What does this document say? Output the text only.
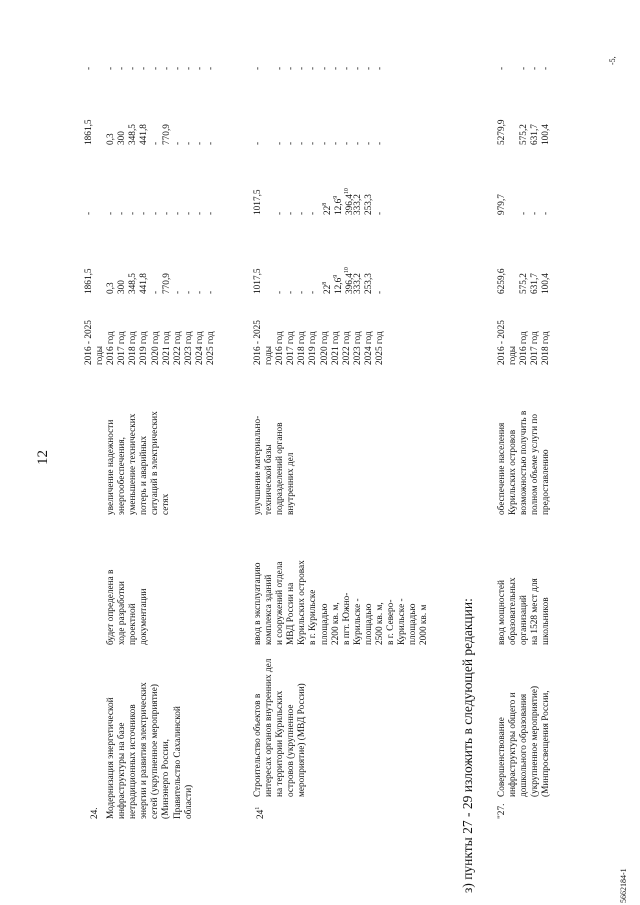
12
24. Модернизация энергетической инфраструктуры на базе нетрадиционных источников энергии и развития электрических сетей (укрупненное мероприятие) (Минэнерго России, Правительство Сахалинской области)
будет определена в ходе разработки проектной документации
увеличение надежности энергообеспечения, уменьшение технических потерь и аварийных ситуаций в электрических сетях
2016 - 2025 годы 2016 год 2017 год 2018 год 2019 год 2020 год 2021 год 2022 год 2023 год 2024 год 2025 год
1861,5 0,3 300 348,5 441,8 - 770,9 - - - -
- - - - - - - - - - -
1861,5 0,3 300 348,5 441,8 - 770,9 - - - -
- - - - - - - - - - -
$24^1$
Строительство объектов в интересах органов внутренних дел на территории Курильских островов (укрупненное мероприятие) (МВД России)
ввод в эксплуатацию комплекса зданий и сооружений отдела МВД России на Курильских островах в г. Курильске площадью 2200 кв. м, в пгт. Южно- Курильске - площадью 2500 кв. м, в г. Северо- Курильске - площадью 2000 кв. м
улучшение материально- технической базы подразделений органов внутренних дел
2016 - 2025 годы 2016 год 2017 год 2018 год 2019 год 2020 год 2021 год 2022 год 2023 год 2024 год 2025 год
1017,5 - - - - $22^8$ 12,6$^9$ 396,4$^{10}$
333,2 253,3 -
1017,5 - - - - $22^8$ 12,6$^9$ 396,4$^{10}$
333,2 253,3 -
- - - - - - - - - - -
- - - - - - - - - - -
з) пункты 27 - 29 изложить в следующей редакции: "27.
Совершенствование инфраструктуры общего и дошкольного образования (укрупненное мероприятие) (Минпросвещения России,
ввод мощностей образовательных организаций на 1528 мест для школьников
обеспечение населения Курильских островов возможностью получить в полном объеме услуги по предоставлению
2016 - 2025 годы 2016 год 2017 год 2018 год
6259,6 575,2 631,7 100,4
979,7 - - -
5279,9 575,2 631,7 100,4
- - - -
-5,
5662184-1
